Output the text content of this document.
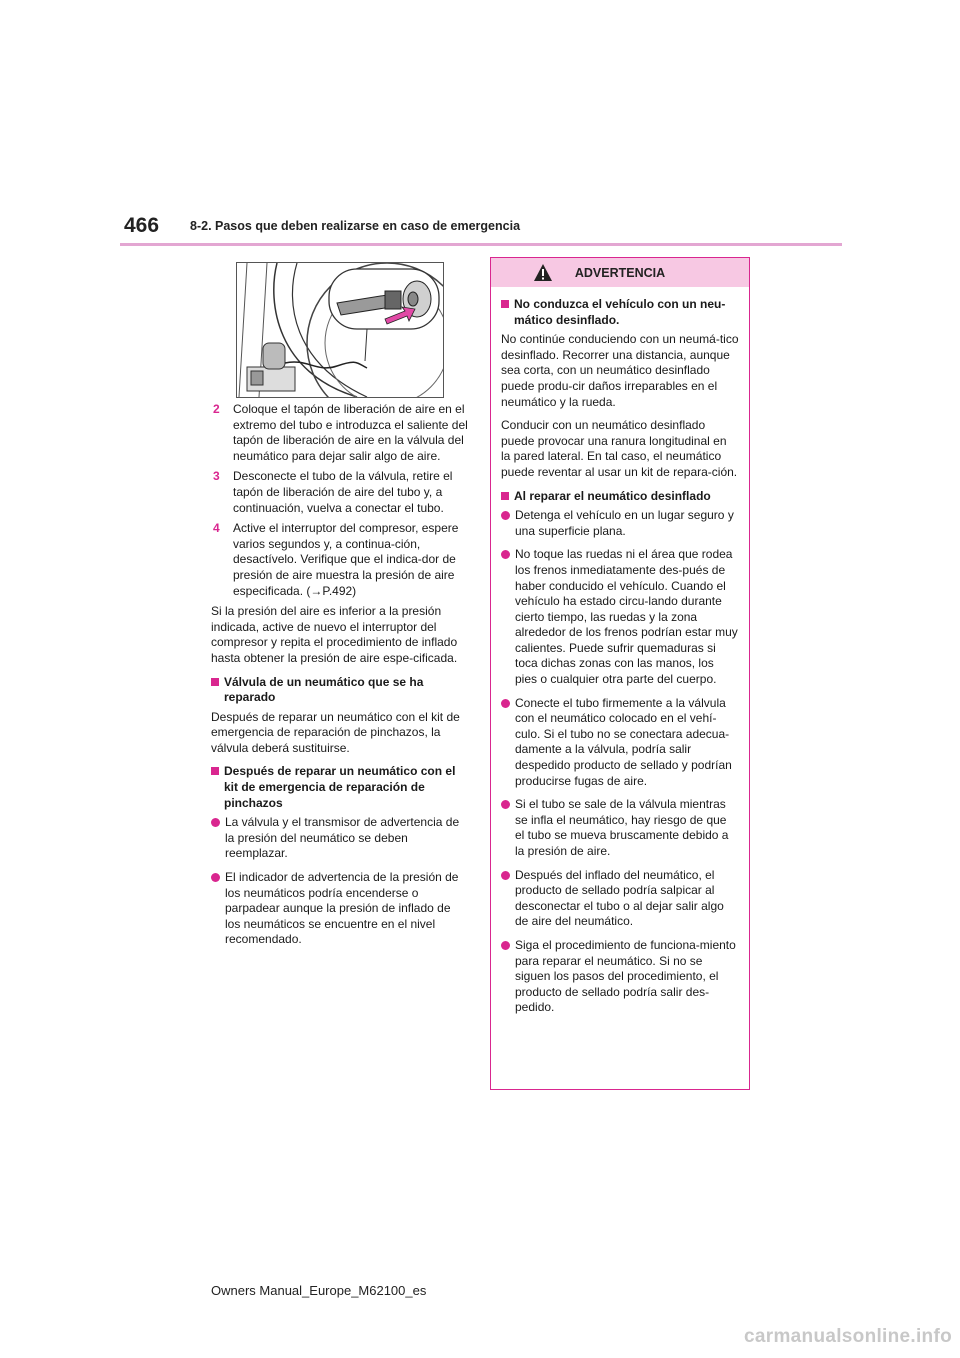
466 8-2. Pasos que deben realizarse en caso de emergencia
2	Coloque el tapón de liberación de aire en el extremo del tubo e introduzca el saliente del tapón de liberación de aire en la válvula del neumático para dejar salir algo de aire.
3	Desconecte el tubo de la válvula, retire el tapón de liberación de aire del tubo y, a continuación, vuelva a conectar el tubo.
4	Active el interruptor del compresor, espere varios segundos y, a continua-ción, desactívelo. Verifique que el indica-dor de presión de aire muestra la presión de aire especificada. (→P.492)

Si la presión del aire es inferior a la presión indicada, active de nuevo el interruptor del compresor y repita el procedimiento de inflado hasta obtener la presión de aire espe-cificada.

Válvula de un neumático que se ha reparado

Después de reparar un neumático con el kit de emergencia de reparación de pinchazos, la válvula deberá sustituirse.

Después de reparar un neumático con el kit de emergencia de reparación de pinchazos
La válvula y el transmisor de advertencia de la presión del neumático se deben reemplazar.
El indicador de advertencia de la presión de los neumáticos podría encenderse o parpadear aunque la presión de inflado de los neumáticos se encuentre en el nivel recomendado.
ADVERTENCIA
No conduzca el vehículo con un neu-mático desinflado.

No continúe conduciendo con un neumá-tico desinflado. Recorrer una distancia, aunque sea corta, con un neumático desinflado puede produ-cir daños irreparables en el neumático y la rueda.

Conducir con un neumático desinflado puede provocar una ranura longitudinal en la pared lateral. En tal caso, el neumático puede reventar al usar un kit de repara-ción.

Al reparar el neumático desinflado
Detenga el vehículo en un lugar seguro y una superficie plana.
No toque las ruedas ni el área que rodea los frenos inmediatamente des-pués de haber conducido el vehículo. Cuando el vehículo ha estado circu-lando durante cierto tiempo, las ruedas y la zona alrededor de los frenos podrían estar muy calientes. Puede sufrir quemaduras si toca dichas zonas con las manos, los pies o cualquier otra parte del cuerpo.
Conecte el tubo firmemente a la válvula con el neumático colocado en el vehí-culo. Si el tubo no se conectara adecua-damente a la válvula, podría salir despedido producto de sellado y podrían producirse fugas de aire.
Si el tubo se sale de la válvula mientras se infla el neumático, hay riesgo de que el tubo se mueva bruscamente debido a la presión de aire.
Después del inflado del neumático, el producto de sellado podría salpicar al desconectar el tubo o al dejar salir algo de aire del neumático.
Siga el procedimiento de funciona-miento para reparar el neumático. Si no se siguen los pasos del procedimiento, el producto de sellado podría salir des-pedido.
Owners Manual_Europe_M62100_es
carmanualsonline.info
